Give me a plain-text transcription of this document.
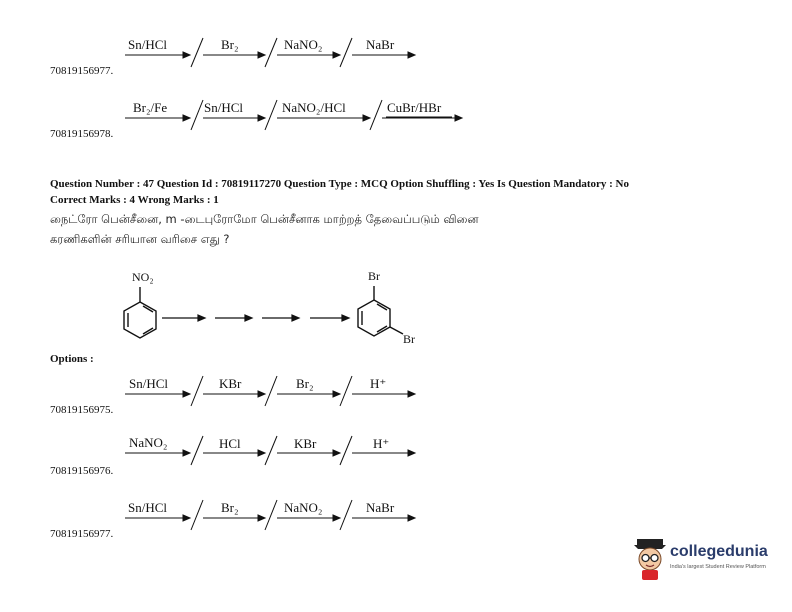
Sn/HCl	Br₂	NaNO₂	NaBr
70819156977.
Br₂/Fe	Sn/HCl	NaNO₂/HCl	CuBr/HBr
70819156978.
Question Number : 47 Question Id : 70819117270 Question Type : MCQ Option Shuffling : Yes Is Question Mandatory : No
Correct Marks : 4 Wrong Marks : 1
நைட்ரோ பென்சீனை, m -டைபுரோமோ பென்சீனாக மாற்றத் தேவைப்படும் வினை
கரணிகளின் சரியான வரிசை எது ?
NO₂	Br
Br
Options :
Sn/HCl	KBr	Br₂	H⁺
70819156975.
NaNO₂	HCl	KBr	H⁺
70819156976.
Sn/HCl	Br₂	NaNO₂	NaBr
70819156977.
collegedunia
India's largest Student Review Platform
